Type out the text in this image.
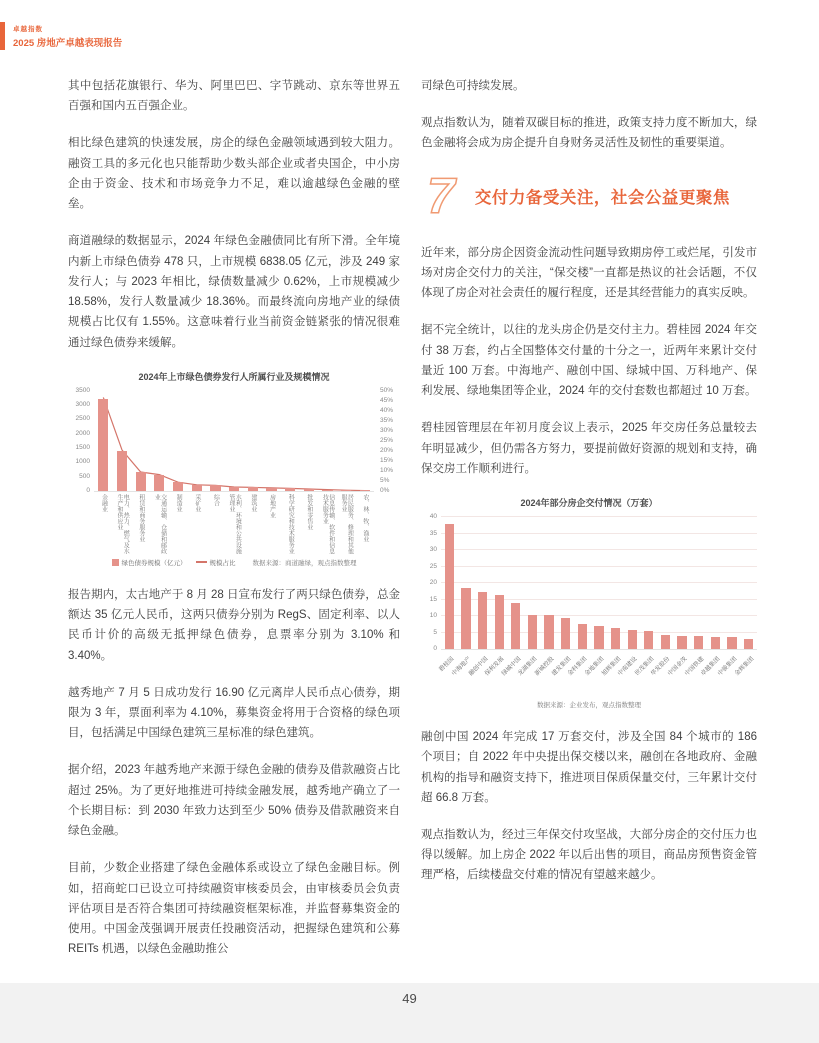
卓越指数
2025 房地产卓越表现报告

其中包括花旗银行、华为、阿里巴巴、字节跳动、京东等世界五百强和国内五百强企业。

相比绿色建筑的快速发展，房企的绿色金融领域遇到较大阻力。融资工具的多元化也只能帮助少数头部企业或者央国企，中小房企由于资金、技术和市场竞争力不足，难以逾越绿色金融的壁垒。

商道融绿的数据显示，2024 年绿色金融债同比有所下滑。全年境内新上市绿色债券 478 只，上市规模 6838.05 亿元，涉及 249 家发行人；与 2023 年相比，绿债数量减少 0.62%，上市规模减少 18.58%，发行人数量减少 18.36%。而最终流向房地产业的绿债规模占比仅有 1.55%。这意味着行业当前资金链紧张的情况很难通过绿色债券来缓解。

2024年上市绿色债券发行人所属行业及规模情况
3500
3000
2500
2000
1500
1000
500
0
50%
45%
40%
35%
30%
25%
20%
15%
10%
5%
0%
金融业	电力、热力、燃气及水生产和供应业	租赁和商务服务业	交通运输、仓储和邮政业	制造业 采矿业 综合	水利、环境和公共设施管理业	建筑业 房地产业 科学研究和技术服务业 批发和零售业	信息传输、软件和信息技术服务业	居民服务、修理和其他服务业	农、林、牧、渔业
绿色债券规模（亿元）	规模占比	数据来源：商道融绿，观点指数整理

报告期内，太古地产于 8 月 28 日宣布发行了两只绿色债券，总金额达 35 亿元人民币，这两只债券分别为 RegS、固定利率、以人民币计价的高级无抵押绿色债券，息票率分别为 3.10% 和 3.40%。

越秀地产 7 月 5 日成功发行 16.90 亿元离岸人民币点心债券，期限为 3 年，票面利率为 4.10%，募集资金将用于合资格的绿色项目，包括满足中国绿色建筑三星标准的绿色建筑。

据介绍，2023 年越秀地产来源于绿色金融的债券及借款融资占比超过 25%。为了更好地推进可持续金融发展，越秀地产确立了一个长期目标：到 2030 年致力达到至少 50% 债券及借款融资来自绿色金融。

目前，少数企业搭建了绿色金融体系或设立了绿色金融目标。例如，招商蛇口已设立可持续融资审核委员会，由审核委员会负责评估项目是否符合集团可持续融资框架标准，并监督募集资金的使用。中国金茂强调开展责任投融资活动，把握绿色建筑和公募 REITs 机遇，以绿色金融助推公

司绿色可持续发展。

观点指数认为，随着双碳目标的推进，政策支持力度不断加大，绿色金融将会成为房企提升自身财务灵活性及韧性的重要渠道。

7 交付力备受关注，社会公益更聚焦

近年来，部分房企因资金流动性问题导致期房停工或烂尾，引发市场对房企交付力的关注，“保交楼”一直都是热议的社会话题，不仅体现了房企对社会责任的履行程度，还是其经营能力的真实反映。

据不完全统计，以往的龙头房企仍是交付主力。碧桂园 2024 年交付 38 万套，约占全国整体交付量的十分之一，近两年来累计交付量近 100 万套。中海地产、融创中国、绿城中国、万科地产、保利发展、绿地集团等企业，2024 年的交付套数也都超过 10 万套。

碧桂园管理层在年初月度会议上表示，2025 年交房任务总量较去年明显减少，但仍需各方努力，要提前做好资源的规划和支持，确保交房工作顺利进行。

2024年部分房企交付情况（万套）
40
35
30
25
20
15
10
5
0
碧桂园
中海地产
融创中国
保利发展
绿城中国
龙湖集团
新城控股
建发集团
金科集团
金地集团
旭辉集团
中南建设
世茂集团
华发股份
中国金茂
中国铁建
卓越集团
中骏集团
金辉集团
数据来源：企业发布，观点指数整理

融创中国 2024 年完成 17 万套交付，涉及全国 84 个城市的 186 个项目；自 2022 年中央提出保交楼以来，融创在各地政府、金融机构的指导和融资支持下，推进项目保质保量交付，三年累计交付超 66.8 万套。

观点指数认为，经过三年保交付攻坚战，大部分房企的交付压力也得以缓解。加上房企 2022 年以后出售的项目，商品房预售资金管理严格，后续楼盘交付难的情况有望越来越少。

49
